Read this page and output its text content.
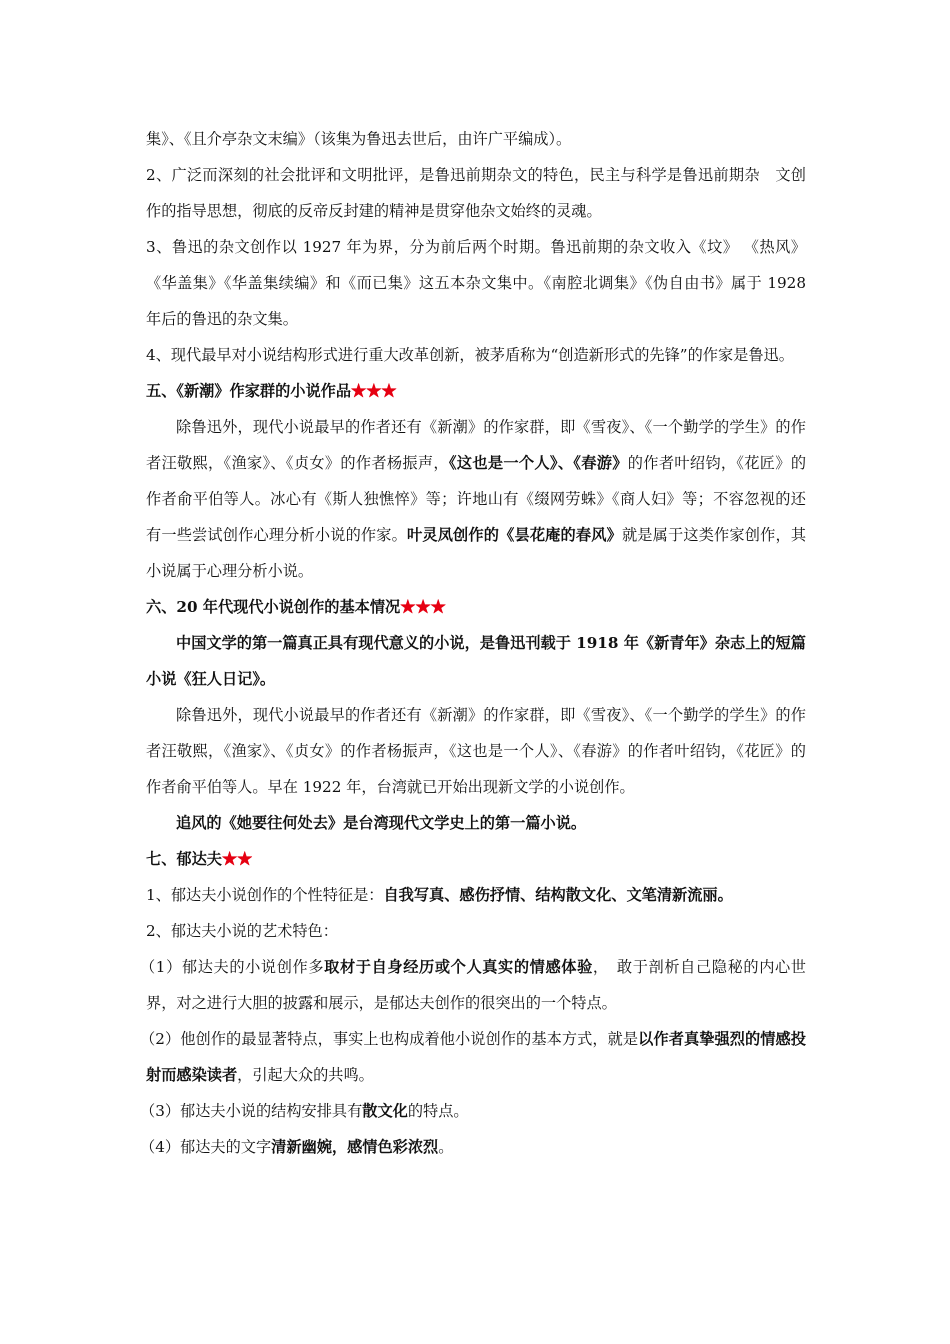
集》、《且介亭杂文末编》（该集为鲁迅去世后，由许广平编成）。

2、广泛而深刻的社会批评和文明批评，是鲁迅前期杂文的特色，民主与科学是鲁迅前期杂　文创作的指导思想，彻底的反帝反封建的精神是贯穿他杂文始终的灵魂。

3、鲁迅的杂文创作以 1927 年为界，分为前后两个时期。鲁迅前期的杂文收入《坟》 《热风》《华盖集》《华盖集续编》和《而已集》这五本杂文集中。《南腔北调集》《伪自由书》属于 1928 年后的鲁迅的杂文集。

4、现代最早对小说结构形式进行重大改革创新，被茅盾称为“创造新形式的先锋”的作家是鲁迅。

五、《新潮》作家群的小说作品★★★

除鲁迅外，现代小说最早的作者还有《新潮》的作家群，即《雪夜》、《一个勤学的学生》的作者汪敬熙，《渔家》、《贞女》的作者杨振声，《这也是一个人》、《春游》的作者叶绍钧，《花匠》的作者俞平伯等人。冰心有《斯人独憔悴》等；许地山有《缀网劳蛛》《商人妇》等；不容忽视的还有一些尝试创作心理分析小说的作家。叶灵凤创作的《昙花庵的春风》就是属于这类作家创作，其小说属于心理分析小说。

六、20 年代现代小说创作的基本情况★★★

中国文学的第一篇真正具有现代意义的小说，是鲁迅刊载于 1918 年《新青年》杂志上的短篇小说《狂人日记》。

除鲁迅外，现代小说最早的作者还有《新潮》的作家群，即《雪夜》、《一个勤学的学生》的作者汪敬熙，《渔家》、《贞女》的作者杨振声，《这也是一个人》、《春游》的作者叶绍钧，《花匠》的作者俞平伯等人。早在 1922 年，台湾就已开始出现新文学的小说创作。

追风的《她要往何处去》是台湾现代文学史上的第一篇小说。

七、郁达夫★★

1、郁达夫小说创作的个性特征是：自我写真、感伤抒情、结构散文化、文笔清新流丽。

2、郁达夫小说的艺术特色：

（1）郁达夫的小说创作多取材于自身经历或个人真实的情感体验，　敢于剖析自己隐秘的内心世界，对之进行大胆的披露和展示，是郁达夫创作的很突出的一个特点。

（2）他创作的最显著特点，事实上也构成着他小说创作的基本方式，就是以作者真挚强烈的情感投射而感染读者，引起大众的共鸣。

（3）郁达夫小说的结构安排具有散文化的特点。

（4）郁达夫的文字清新幽婉，感情色彩浓烈。
